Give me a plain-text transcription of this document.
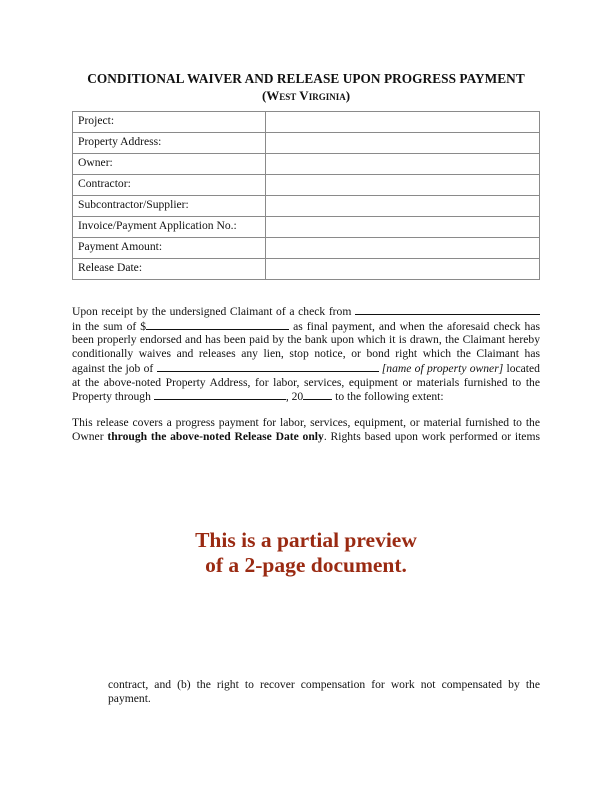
CONDITIONAL WAIVER AND RELEASE UPON PROGRESS PAYMENT
(West Virginia)
Project:	
Property Address:	
Owner:	
Contractor:	
Subcontractor/Supplier:	
Invoice/Payment Application No.:	
Payment Amount:	
Release Date:	
Upon receipt by the undersigned Claimant of a check from
in the sum of $	as final payment, and when the aforesaid check has
been properly endorsed and has been paid by the bank upon which it is drawn, the Claimant hereby
conditionally waives and releases any lien, stop notice, or bond right which the Claimant has
against the job of	[name of property owner] located
at the above-noted Property Address, for labor, services, equipment or materials furnished to the
Property through	, 20	to the following extent:
This release covers a progress payment for labor, services, equipment, or material furnished to the
Owner through the above-noted Release Date only. Rights based upon work performed or items
This is a partial preview
of a 2-page document.
contract, and (b) the right to recover compensation for work not compensated by the
payment.
